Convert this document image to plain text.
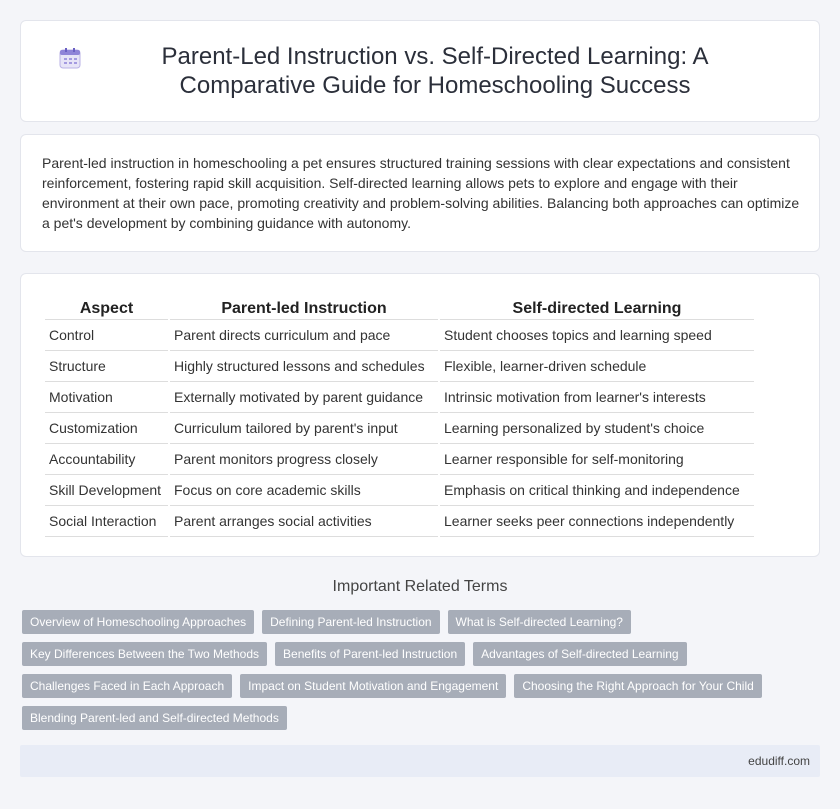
Parent-Led Instruction vs. Self-Directed Learning: A Comparative Guide for Homeschooling Success

Parent-led instruction in homeschooling a pet ensures structured training sessions with clear expectations and consistent reinforcement, fostering rapid skill acquisition. Self-directed learning allows pets to explore and engage with their environment at their own pace, promoting creativity and problem-solving abilities. Balancing both approaches can optimize a pet's development by combining guidance with autonomy.

Aspect	Parent-led Instruction	Self-directed Learning
Control	Parent directs curriculum and pace	Student chooses topics and learning speed
Structure	Highly structured lessons and schedules	Flexible, learner-driven schedule
Motivation	Externally motivated by parent guidance	Intrinsic motivation from learner's interests
Customization	Curriculum tailored by parent's input	Learning personalized by student's choice
Accountability	Parent monitors progress closely	Learner responsible for self-monitoring
Skill Development	Focus on core academic skills	Emphasis on critical thinking and independence
Social Interaction	Parent arranges social activities	Learner seeks peer connections independently
Important Related Terms
Overview of Homeschooling Approaches	Defining Parent-led Instruction	What is Self-directed Learning?
Key Differences Between the Two Methods	Benefits of Parent-led Instruction	Advantages of Self-directed Learning
Challenges Faced in Each Approach	Impact on Student Motivation and Engagement	Choosing the Right Approach for Your Child
Blending Parent-led and Self-directed Methods
edudiff.com
